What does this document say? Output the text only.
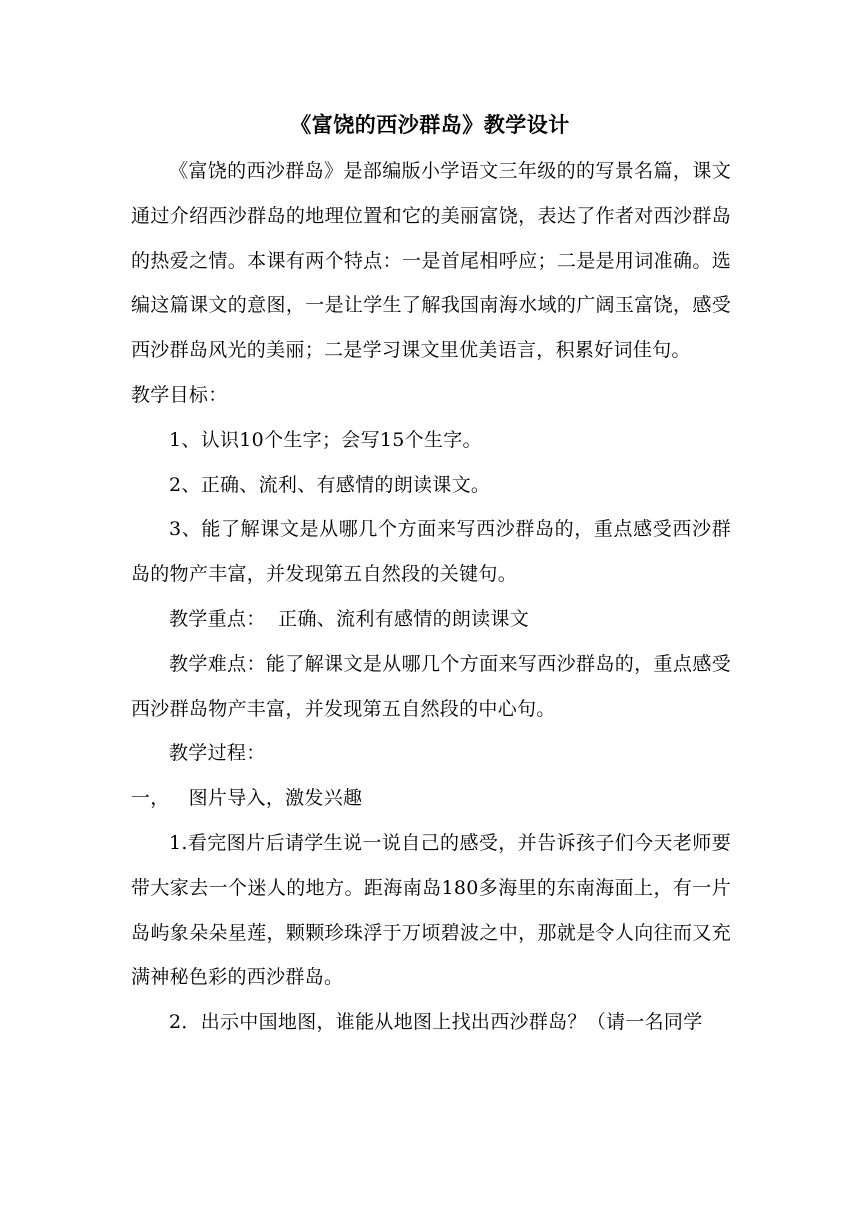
《富饶的西沙群岛》教学设计

《富饶的西沙群岛》是部编版小学语文三年级的的写景名篇，课文通过介绍西沙群岛的地理位置和它的美丽富饶，表达了作者对西沙群岛的热爱之情。本课有两个特点：一是首尾相呼应；二是是用词准确。选编这篇课文的意图，一是让学生了解我国南海水域的广阔玉富饶，感受西沙群岛风光的美丽；二是学习课文里优美语言，积累好词佳句。

教学目标：

1、认识10个生字；会写15个生字。

2、正确、流利、有感情的朗读课文。

3、能了解课文是从哪几个方面来写西沙群岛的，重点感受西沙群岛的物产丰富，并发现第五自然段的关键句。

教学重点：  正确、流利有感情的朗读课文

教学难点：能了解课文是从哪几个方面来写西沙群岛的，重点感受西沙群岛物产丰富，并发现第五自然段的中心句。

教学过程：

一，   图片导入，激发兴趣

1.看完图片后请学生说一说自己的感受，并告诉孩子们今天老师要带大家去一个迷人的地方。距海南岛180多海里的东南海面上，有一片岛屿象朵朵星莲，颗颗珍珠浮于万顷碧波之中，那就是令人向往而又充满神秘色彩的西沙群岛。

2．出示中国地图，谁能从地图上找出西沙群岛？（请一名同学
